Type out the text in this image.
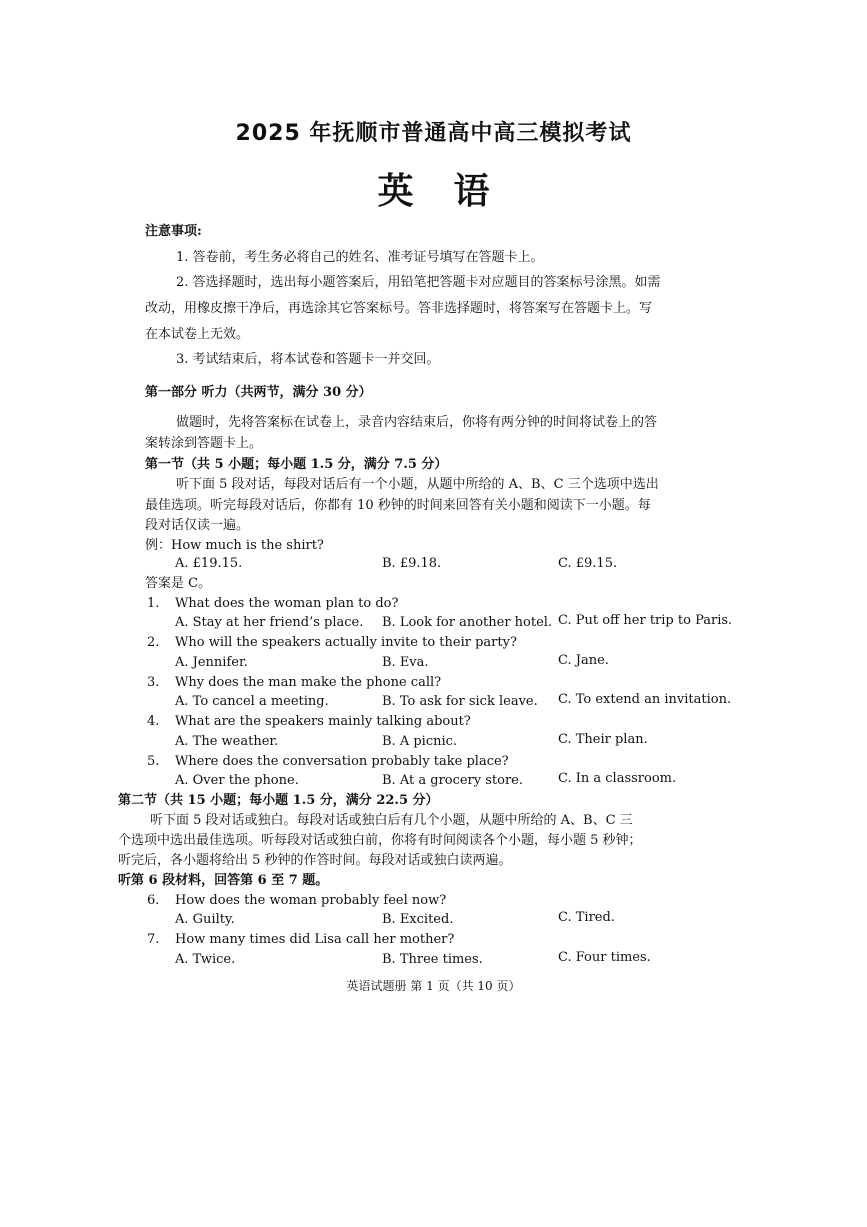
2025 年抚顺市普通高中高三模拟考试
英语
注意事项:
1. 答卷前，考生务必将自己的姓名、准考证号填写在答题卡上。
2. 答选择题时，选出每小题答案后，用铅笔把答题卡对应题目的答案标号涂黑。如需
改动，用橡皮擦干净后，再选涂其它答案标号。答非选择题时，将答案写在答题卡上。写
在本试卷上无效。
3. 考试结束后，将本试卷和答题卡一并交回。
第一部分 听力（共两节，满分 30 分）
做题时，先将答案标在试卷上，录音内容结束后，你将有两分钟的时间将试卷上的答
案转涂到答题卡上。
第一节（共 5 小题；每小题 1.5 分，满分 7.5 分）
听下面 5 段对话，每段对话后有一个小题，从题中所给的 A、B、C 三个选项中选出
最佳选项。听完每段对话后，你都有 10 秒钟的时间来回答有关小题和阅读下一小题。每
段对话仅读一遍。
例：How much is the shirt?
A. £19.15.	B. £9.18.	C. £9.15.
答案是 C。
1. What does the woman plan to do?
A. Stay at her friend’s place. B. Look for another hotel. C. Put off her trip to Paris.
2. Who will the speakers actually invite to their party?
A. Jennifer.	B. Eva.	C. Jane.
3. Why does the man make the phone call?
A. To cancel a meeting.	B. To ask for sick leave. C. To extend an invitation.
4. What are the speakers mainly talking about?
A. The weather.	B. A picnic.	C. Their plan.
5. Where does the conversation probably take place?
A. Over the phone.	B. At a grocery store.	C. In a classroom.
第二节（共 15 小题；每小题 1.5 分，满分 22.5 分）
听下面 5 段对话或独白。每段对话或独白后有几个小题，从题中所给的 A、B、C 三
个选项中选出最佳选项。听每段对话或独白前，你将有时间阅读各个小题，每小题 5 秒钟；
听完后，各小题将给出 5 秒钟的作答时间。每段对话或独白读两遍。
听第 6 段材料，回答第 6 至 7 题。
6. How does the woman probably feel now?
A. Guilty.	B. Excited.	C. Tired.
7. How many times did Lisa call her mother?
A. Twice.	B. Three times.	C. Four times.
英语试题册 第 1 页（共 10 页）
